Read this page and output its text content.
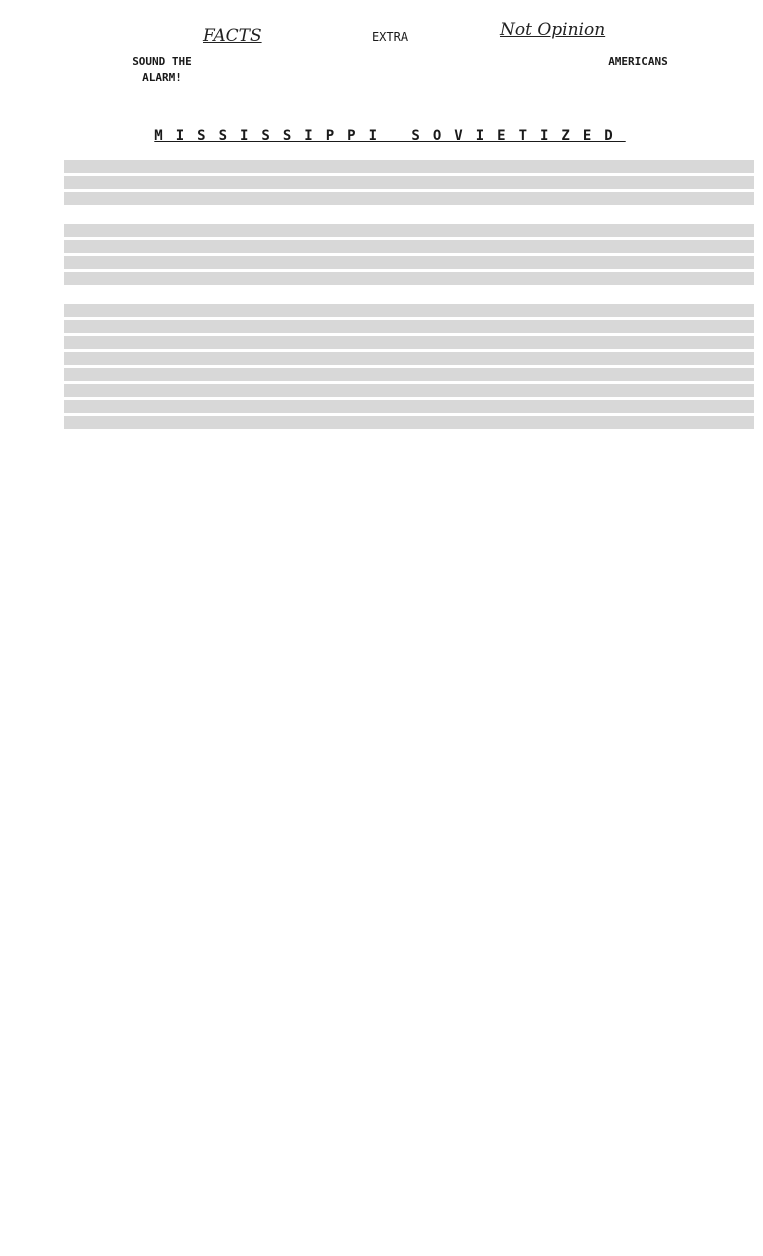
FACTS	Not Opinion
SOUND THE
ALARM!
AMERICANS
EXTRA
MISSISSIPPI SOVIETIZED
